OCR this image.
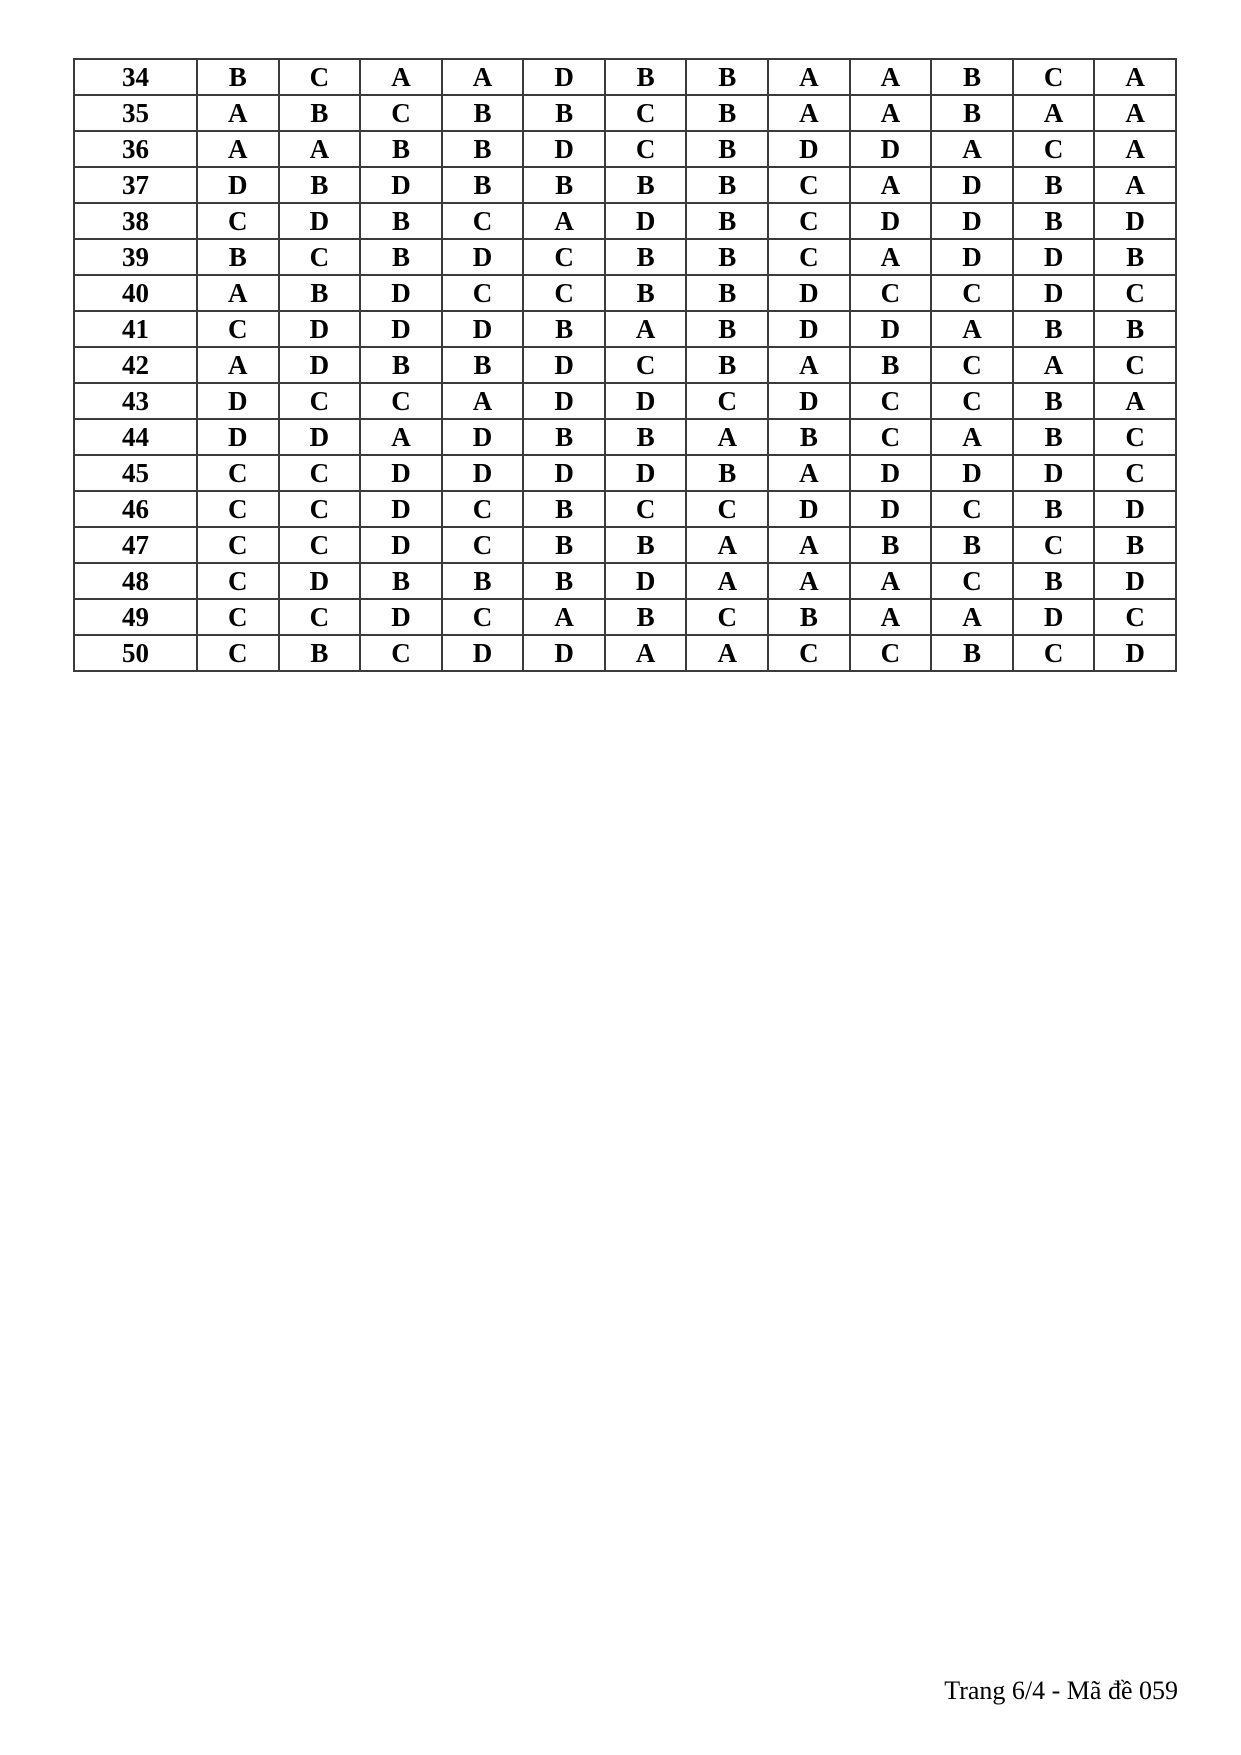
34	B	C	A	A	D	B	B	A	A	B	C	A
35	A	B	C	B	B	C	B	A	A	B	A	A
36	A	A	B	B	D	C	B	D	D	A	C	A
37	D	B	D	B	B	B	B	C	A	D	B	A
38	C	D	B	C	A	D	B	C	D	D	B	D
39	B	C	B	D	C	B	B	C	A	D	D	B
40	A	B	D	C	C	B	B	D	C	C	D	C
41	C	D	D	D	B	A	B	D	D	A	B	B
42	A	D	B	B	D	C	B	A	B	C	A	C
43	D	C	C	A	D	D	C	D	C	C	B	A
44	D	D	A	D	B	B	A	B	C	A	B	C
45	C	C	D	D	D	D	B	A	D	D	D	C
46	C	C	D	C	B	C	C	D	D	C	B	D
47	C	C	D	C	B	B	A	A	B	B	C	B
48	C	D	B	B	B	D	A	A	A	C	B	D
49	C	C	D	C	A	B	C	B	A	A	D	C
50	C	B	C	D	D	A	A	C	C	B	C	D
Trang 6/4 - Mã đề 059
